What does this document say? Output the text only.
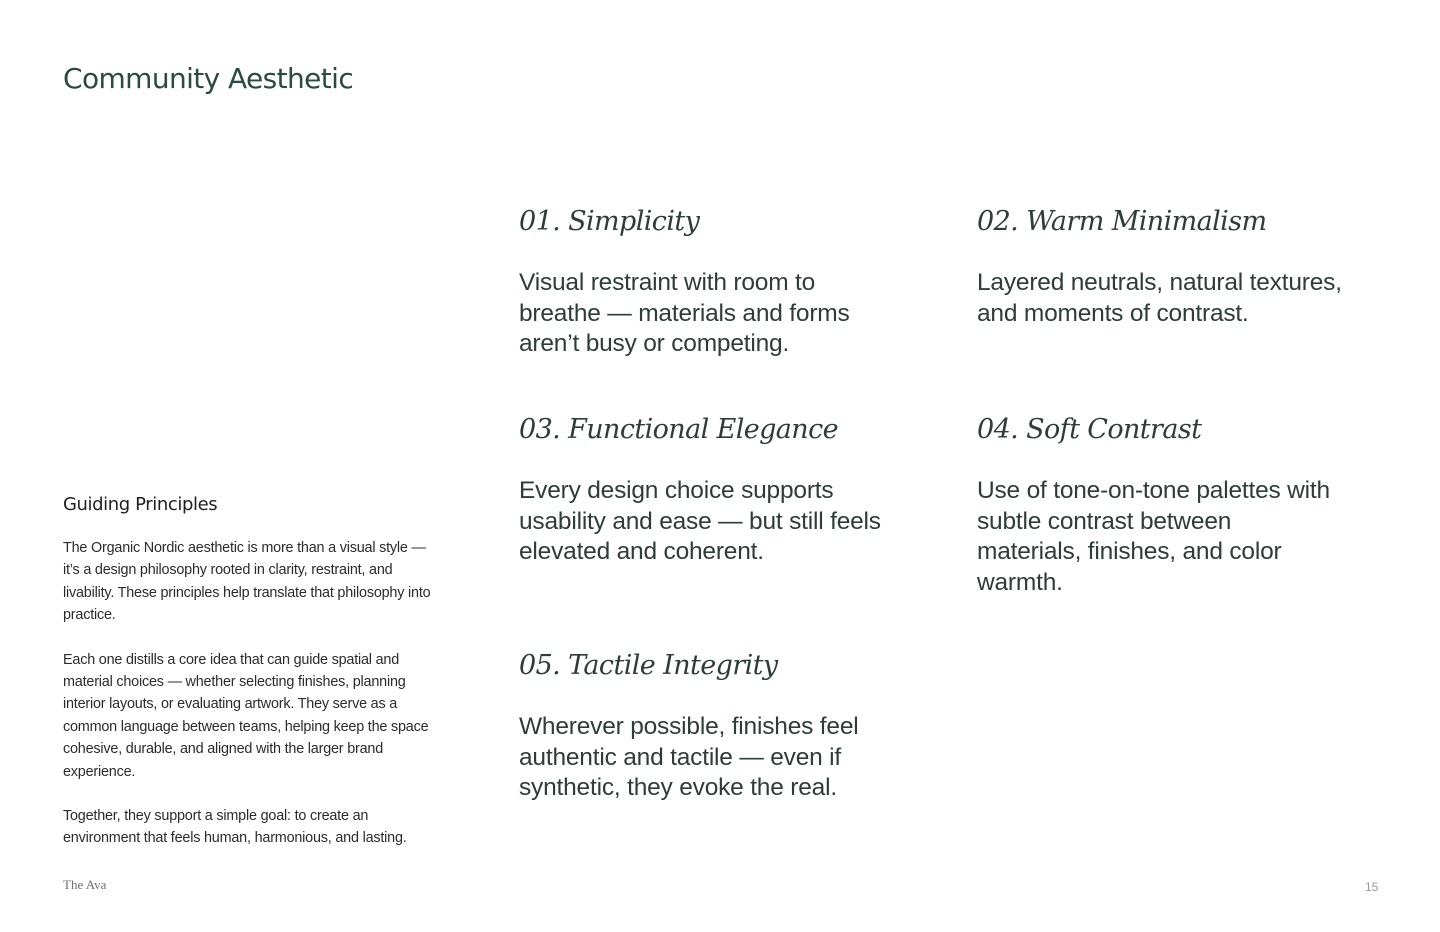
Community Aesthetic
Guiding Principles

The Organic Nordic aesthetic is more than a visual style — it’s a design philosophy rooted in clarity, restraint, and livability. These principles help translate that philosophy into practice.

Each one distills a core idea that can guide spatial and material choices — whether selecting finishes, planning interior layouts, or evaluating artwork. They serve as a common language between teams, helping keep the space cohesive, durable, and aligned with the larger brand experience.

Together, they support a simple goal: to create an environment that feels human, harmonious, and lasting.

01. Simplicity

Visual restraint with room to breathe — materials and forms aren’t busy or competing.

02. Warm Minimalism

Layered neutrals, natural textures, and moments of contrast.

03. Functional Elegance

Every design choice supports usability and ease — but still feels elevated and coherent.

04. Soft Contrast

Use of tone-on-tone palettes with subtle contrast between materials, finishes, and color warmth.

05. Tactile Integrity

Wherever possible, finishes feel authentic and tactile — even if synthetic, they evoke the real.

The Ava	15
